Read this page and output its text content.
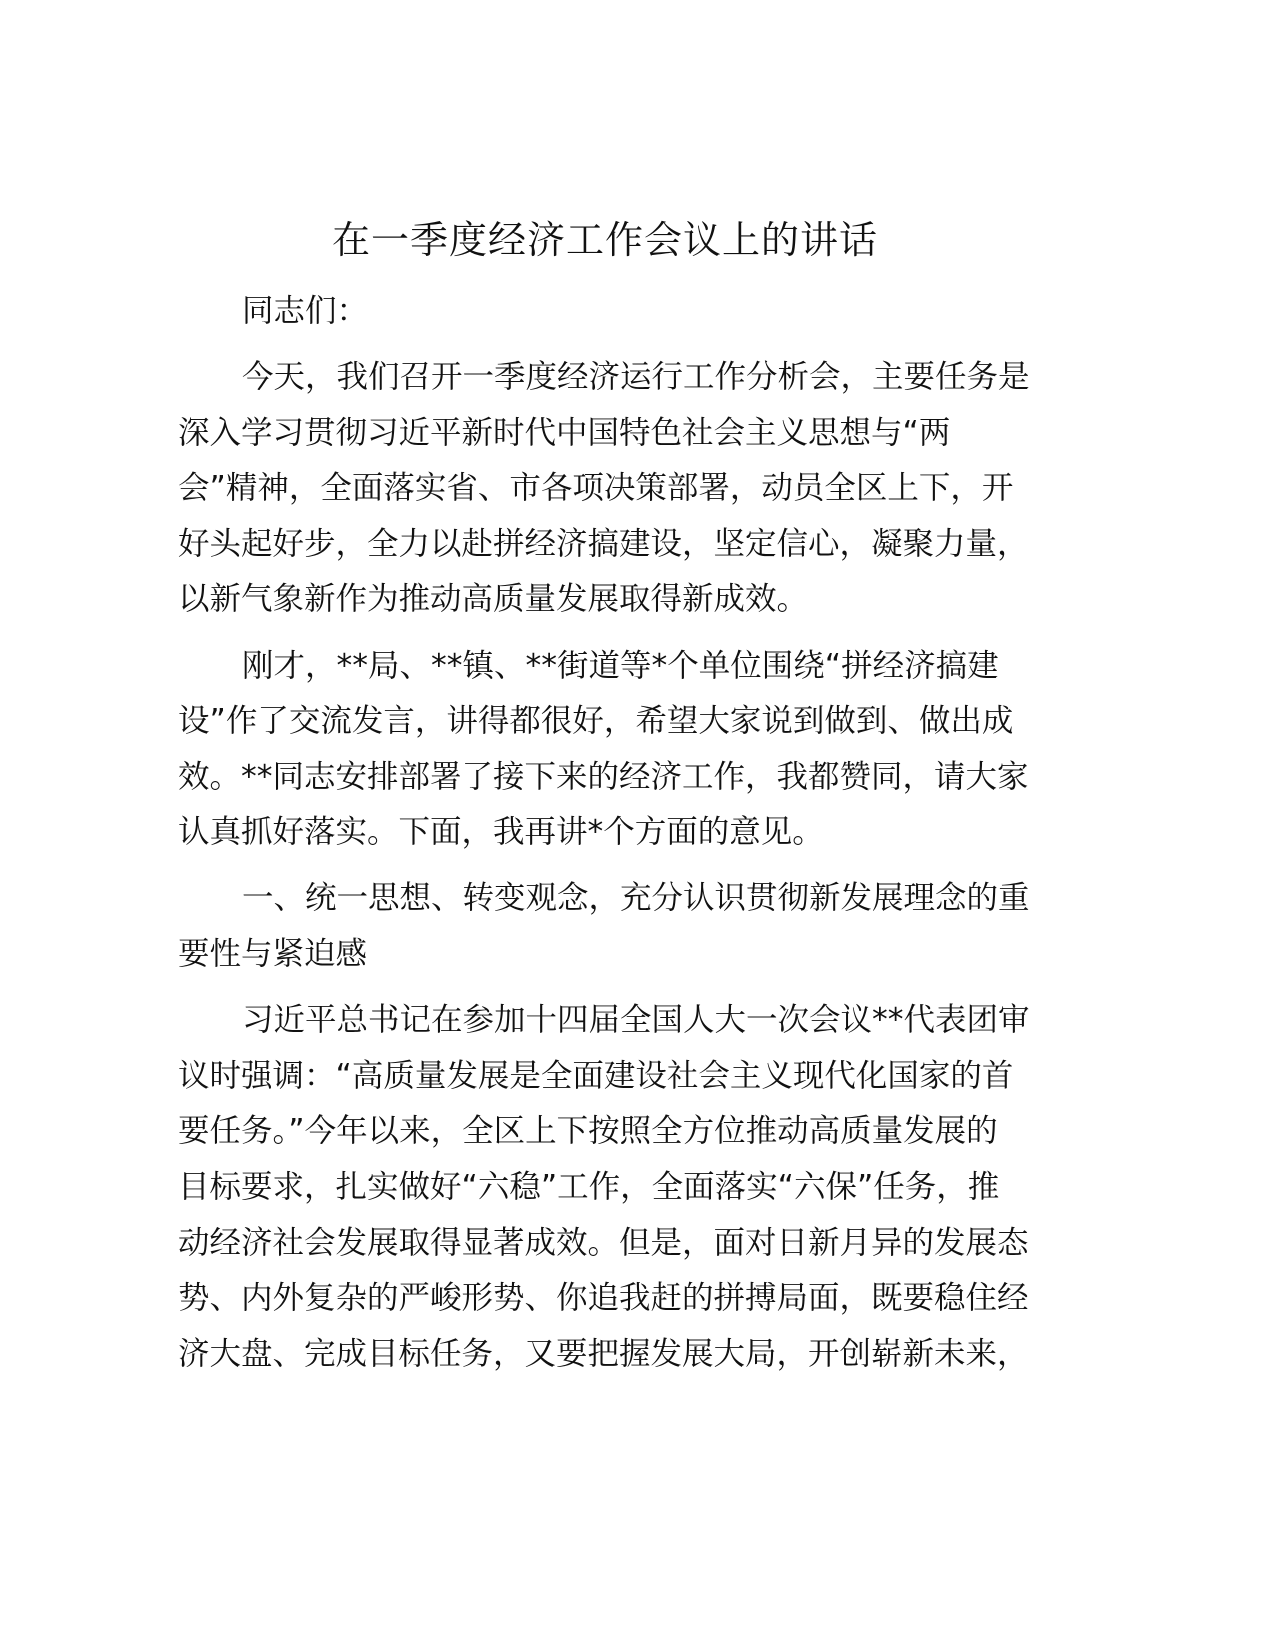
在一季度经济工作会议上的讲话
同志们：
今天，我们召开一季度经济运行工作分析会，主要任务是
深入学习贯彻习近平新时代中国特色社会主义思想与“两
会”精神，全面落实省、市各项决策部署，动员全区上下，开
好头起好步，全力以赴拼经济搞建设，坚定信心，凝聚力量，
以新气象新作为推动高质量发展取得新成效。
刚才，**局、**镇、**街道等*个单位围绕“拼经济搞建
设”作了交流发言，讲得都很好，希望大家说到做到、做出成
效。**同志安排部署了接下来的经济工作，我都赞同，请大家
认真抓好落实。下面，我再讲*个方面的意见。
一、统一思想、转变观念，充分认识贯彻新发展理念的重
要性与紧迫感
习近平总书记在参加十四届全国人大一次会议**代表团审
议时强调：“高质量发展是全面建设社会主义现代化国家的首
要任务。”今年以来，全区上下按照全方位推动高质量发展的
目标要求，扎实做好“六稳”工作，全面落实“六保”任务，推
动经济社会发展取得显著成效。但是，面对日新月异的发展态
势、内外复杂的严峻形势、你追我赶的拼搏局面，既要稳住经
济大盘、完成目标任务，又要把握发展大局，开创崭新未来，
